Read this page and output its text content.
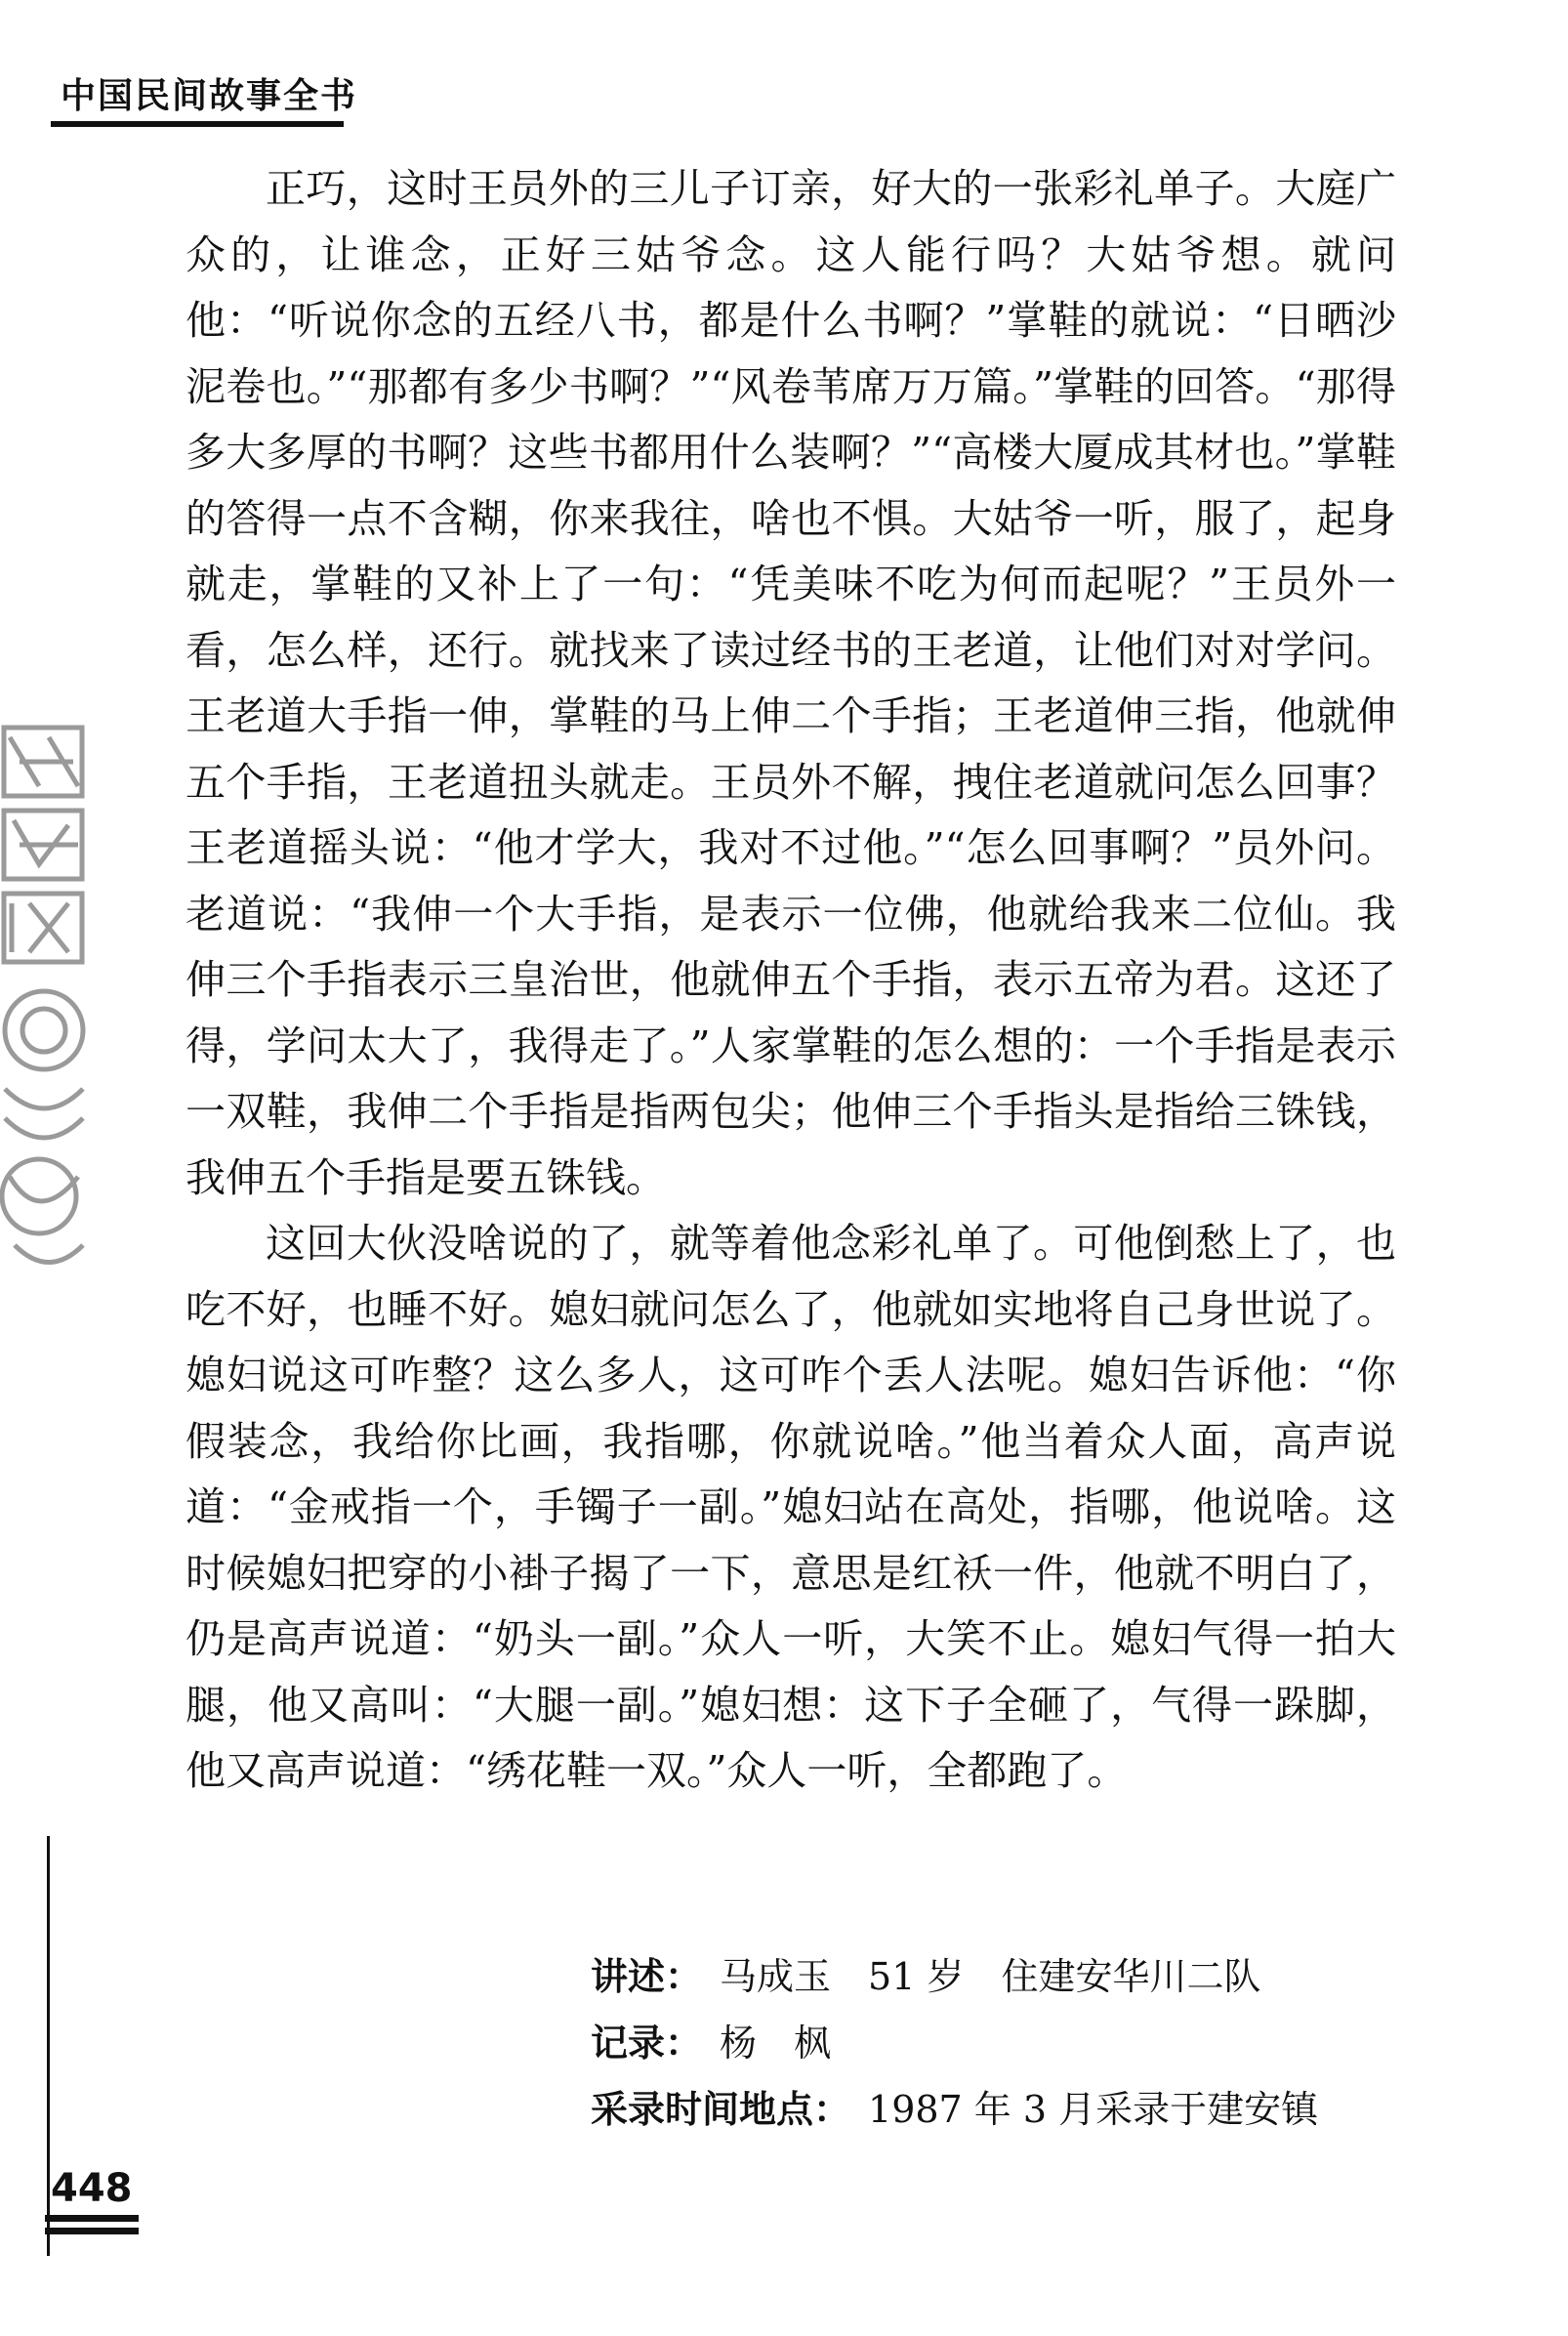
中国民间故事全书

正巧，这时王员外的三儿子订亲，好大的一张彩礼单子。大庭广众的，让谁念，正好三姑爷念。这人能行吗？大姑爷想。就问他：“听说你念的五经八书，都是什么书啊？”掌鞋的就说：“日晒沙泥卷也。”“那都有多少书啊？”“风卷苇席万万篇。”掌鞋的回答。“那得多大多厚的书啊？这些书都用什么装啊？”“高楼大厦成其材也。”掌鞋的答得一点不含糊，你来我往，啥也不惧。大姑爷一听，服了，起身就走，掌鞋的又补上了一句：“凭美味不吃为何而起呢？”王员外一看，怎么样，还行。就找来了读过经书的王老道，让他们对对学问。王老道大手指一伸，掌鞋的马上伸二个手指；王老道伸三指，他就伸五个手指，王老道扭头就走。王员外不解，拽住老道就问怎么回事？王老道摇头说：“他才学大，我对不过他。”“怎么回事啊？”员外问。老道说：“我伸一个大手指，是表示一位佛，他就给我来二位仙。我伸三个手指表示三皇治世，他就伸五个手指，表示五帝为君。这还了得，学问太大了，我得走了。”人家掌鞋的怎么想的：一个手指是表示一双鞋，我伸二个手指是指两包尖；他伸三个手指头是指给三铢钱，我伸五个手指是要五铢钱。

这回大伙没啥说的了，就等着他念彩礼单了。可他倒愁上了，也吃不好，也睡不好。媳妇就问怎么了，他就如实地将自己身世说了。媳妇说这可咋整？这么多人，这可咋个丢人法呢。媳妇告诉他：“你假装念，我给你比画，我指哪，你就说啥。”他当着众人面，高声说道：“金戒指一个，手镯子一副。”媳妇站在高处，指哪，他说啥。这时候媳妇把穿的小褂子揭了一下，意思是红袄一件，他就不明白了，仍是高声说道：“奶头一副。”众人一听，大笑不止。媳妇气得一拍大腿，他又高叫：“大腿一副。”媳妇想：这下子全砸了，气得一跺脚，他又高声说道：“绣花鞋一双。”众人一听，全都跑了。

讲述： 马成玉　51 岁　住建安华川二队
记录： 杨　枫
采录时间地点： 1987 年 3 月采录于建安镇
448
